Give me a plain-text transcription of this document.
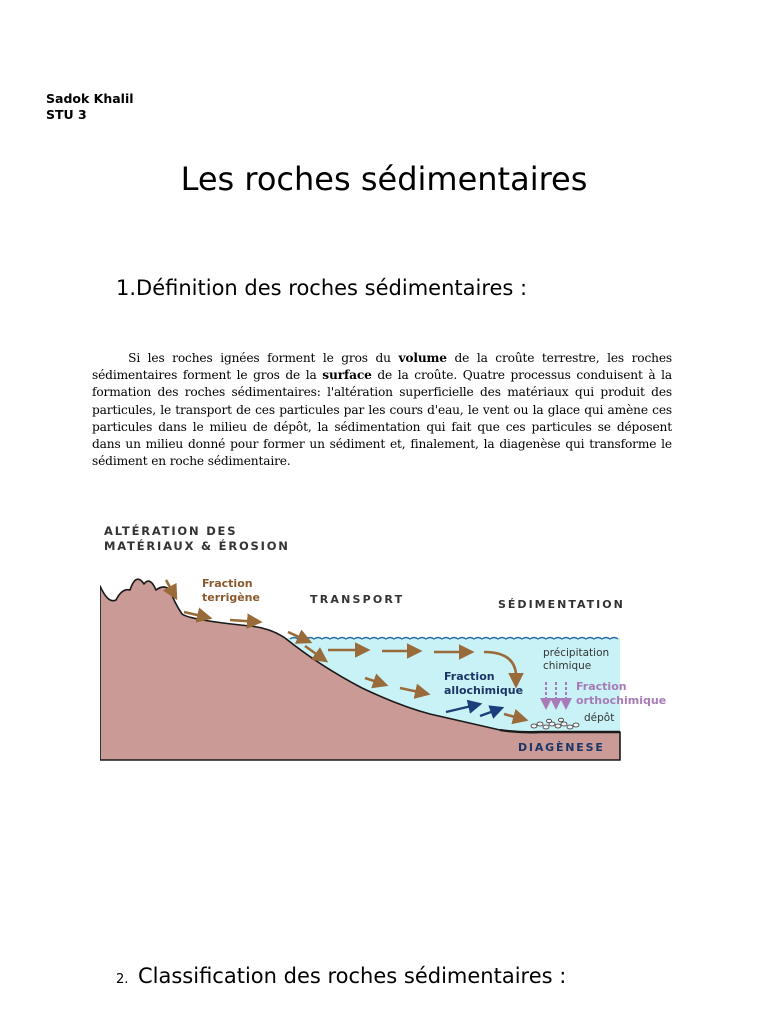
Sadok Khalil
STU 3
Les roches sédimentaires
1.Définition des roches sédimentaires :
   Si les roches ignées forment le gros du volume de la croûte terrestre, les roches sédimentaires forment le gros de la surface de la croûte. Quatre processus conduisent à la formation des roches sédimentaires: l'altération superficielle des matériaux qui produit des particules, le transport de ces particules par les cours d'eau, le vent ou la glace qui amène ces particules dans le milieu de dépôt, la sédimentation qui fait que ces particules se déposent dans un milieu donné pour former un sédiment et, finalement, la diagenèse qui transforme le sédiment en roche sédimentaire.
ALTÉRATION DES
MATÉRIAUX & ÉROSION
Fraction
terrigène	TRANSPORT	SÉDIMENTATION
précipitation
chimique
Fraction
allochimique	Fraction
orthochimique
dépôt
DIAGÈNESE
2. Classification des roches sédimentaires :
